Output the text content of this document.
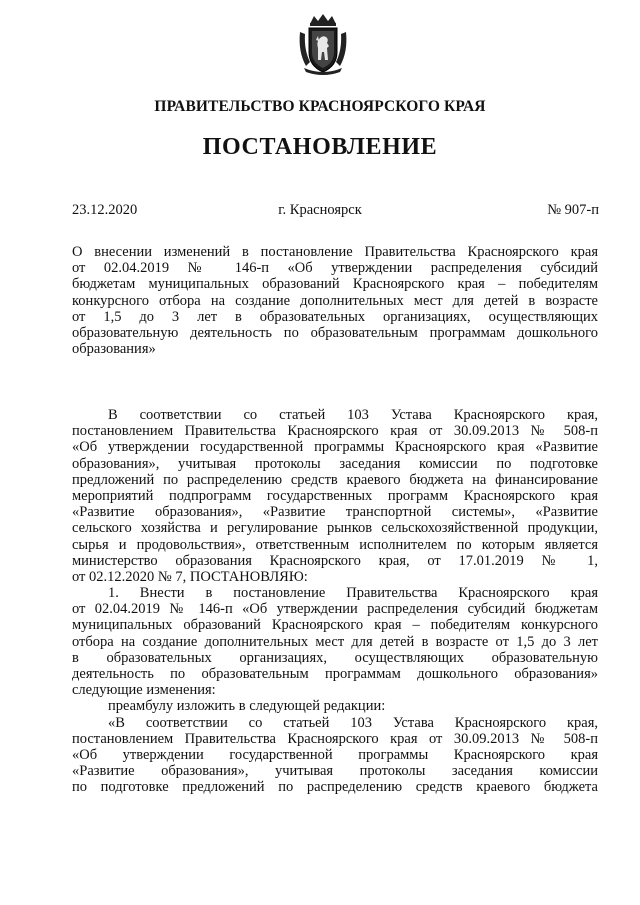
ПРАВИТЕЛЬСТВО КРАСНОЯРСКОГО КРАЯ
ПОСТАНОВЛЕНИЕ
23.12.2020	г. Красноярск	№ 907-п
О внесении изменений в постановление Правительства Красноярского края
от 02.04.2019 № 146-п «Об утверждении распределения субсидий
бюджетам муниципальных образований Красноярского края – победителям
конкурсного отбора на создание дополнительных мест для детей в возрасте
от 1,5 до 3 лет в образовательных организациях, осуществляющих
образовательную деятельность по образовательным программам дошкольного
образования»
В соответствии со статьей 103 Устава Красноярского края,
постановлением Правительства Красноярского края от 30.09.2013 № 508-п
«Об утверждении государственной программы Красноярского края «Развитие
образования», учитывая протоколы заседания комиссии по подготовке
предложений по распределению средств краевого бюджета на финансирование
мероприятий подпрограмм государственных программ Красноярского края
«Развитие образования», «Развитие транспортной системы», «Развитие
сельского хозяйства и регулирование рынков сельскохозяйственной продукции,
сырья и продовольствия», ответственным исполнителем по которым является
министерство образования Красноярского края, от 17.01.2019 № 1,
от 02.12.2020 № 7, ПОСТАНОВЛЯЮ:
1. Внести в постановление Правительства Красноярского края
от 02.04.2019 № 146-п «Об утверждении распределения субсидий бюджетам
муниципальных образований Красноярского края – победителям конкурсного
отбора на создание дополнительных мест для детей в возрасте от 1,5 до 3 лет
в образовательных организациях, осуществляющих образовательную
деятельность по образовательным программам дошкольного образования»
следующие изменения:
преамбулу изложить в следующей редакции:
«В соответствии со статьей 103 Устава Красноярского края,
постановлением Правительства Красноярского края от 30.09.2013 № 508-п
«Об утверждении государственной программы Красноярского края
«Развитие образования», учитывая протоколы заседания комиссии
по подготовке предложений по распределению средств краевого бюджета
